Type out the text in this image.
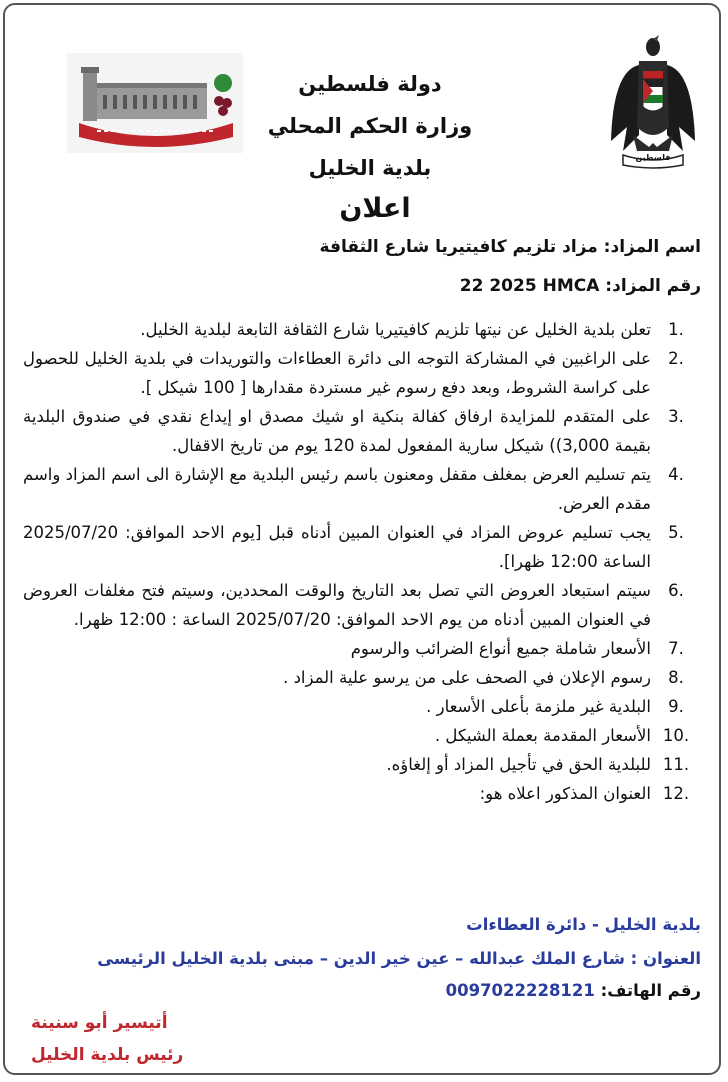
فلسطين
دولة فلسطين
وزارة الحكم المحلي
بلدية الخليل
اعلان
اسم المزاد: مزاد تلزيم كافيتيريا شارع الثقافة
رقم المزاد: 22 2025 HMCA
1.
تعلن بلدية الخليل عن نيتها تلزيم كافيتيريا شارع الثقافة التابعة لبلدية الخليل.
2.
على الراغبين في المشاركة التوجه الى دائرة العطاءات والتوريدات في بلدية الخليل للحصول على كراسة الشروط، وبعد دفع رسوم غير مستردة مقدارها [ 100 شيكل ].
3.
على المتقدم للمزايدة ارفاق كفالة بنكية او شيك مصدق او إيداع نقدي في صندوق البلدية بقيمة 3,000)) شيكل سارية المفعول لمدة 120 يوم من تاريخ الاقفال.
4.
يتم تسليم العرض بمغلف مقفل ومعنون باسم رئيس البلدية مع الإشارة الى اسم المزاد واسم مقدم العرض.
5.
يجب تسليم عروض المزاد في العنوان المبين أدناه قبل [يوم الاحد الموافق: 2025/07/20 الساعة 12:00 ظهرا].
6.
سيتم استبعاد العروض التي تصل بعد التاريخ والوقت المحددين، وسيتم فتح مغلفات العروض في العنوان المبين أدناه من يوم الاحد الموافق: 2025/07/20 الساعة : 12:00 ظهرا.
7.
الأسعار شاملة جميع أنواع الضرائب والرسوم
8.
رسوم الإعلان في الصحف على من يرسو علية المزاد .
9.
البلدية غير ملزمة بأعلى الأسعار .
10.
الأسعار المقدمة بعملة الشيكل .
11.
للبلدية الحق في تأجيل المزاد أو إلغاؤه.
12.
العنوان المذكور اعلاه هو:
بلدية الخليل - دائرة العطاءات
العنوان : شارع الملك عبدالله – عين خير الدين – مبنى بلدية الخليل الرئيسى
رقم الهاتف: 0097022228121
أتيسير أبو سنينة
رئيس بلدية الخليل
